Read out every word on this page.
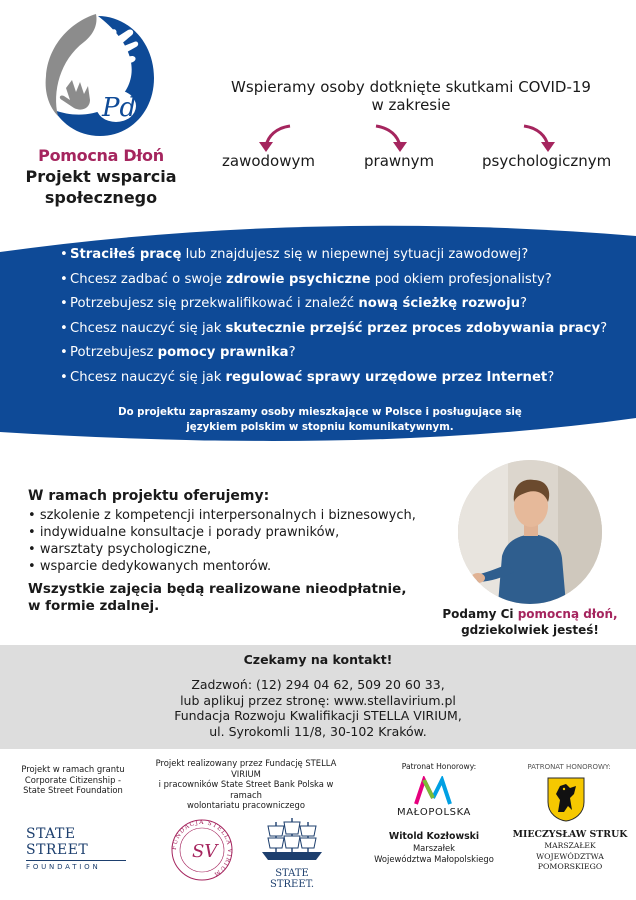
Pd
Pomocna Dłoń
Projekt wsparcia
społecznego
Wspieramy osoby dotknięte skutkami COVID-19
w zakresie
zawodowym	prawnym	psychologicznym
• Straciłeś pracę lub znajdujesz się w niepewnej sytuacji zawodowej?
• Chcesz zadbać o swoje zdrowie psychiczne pod okiem profesjonalisty?
• Potrzebujesz się przekwalifikować i znaleźć nową ścieżkę rozwoju?
• Chcesz nauczyć się jak skutecznie przejść przez proces zdobywania pracy?
• Potrzebujesz pomocy prawnika?
• Chcesz nauczyć się jak regulować sprawy urzędowe przez Internet?
Do projektu zapraszamy osoby mieszkające w Polsce i posługujące się
językiem polskim w stopniu komunikatywnym.
W ramach projektu oferujemy:
• szkolenie z kompetencji interpersonalnych i biznesowych,
• indywidualne konsultacje i porady prawników,
• warsztaty psychologiczne,
• wsparcie dedykowanych mentorów.
Wszystkie zajęcia będą realizowane nieodpłatnie,
w formie zdalnej.	Podamy Ci pomocną dłoń,
gdziekolwiek jesteś!
Czekamy na kontakt!
Zadzwoń: (12) 294 04 62, 509 20 60 33,
lub aplikuj przez stronę: www.stellavirium.pl
Fundacja Rozwoju Kwalifikacji STELLA VIRIUM,
ul. Syrokomli 11/8, 30-102 Kraków.
Projekt w ramach grantu
Corporate Citizenship -
State Street Foundation
Projekt realizowany przez Fundację STELLA VIRIUM
i pracowników State Street Bank Polska w ramach
wolontariatu pracowniczego
STATE STREET
FOUNDATION
FUNDACJA STELLA VIRIUM
SV
STATE STREET.
Patronat Honorowy:
MAŁOPOLSKA
Witold Kozłowski
Marszałek
Województwa Małopolskiego
PATRONAT HONOROWY:
MIECZYSŁAW STRUK
MARSZAŁEK
WOJEWÓDZTWA POMORSKIEGO
